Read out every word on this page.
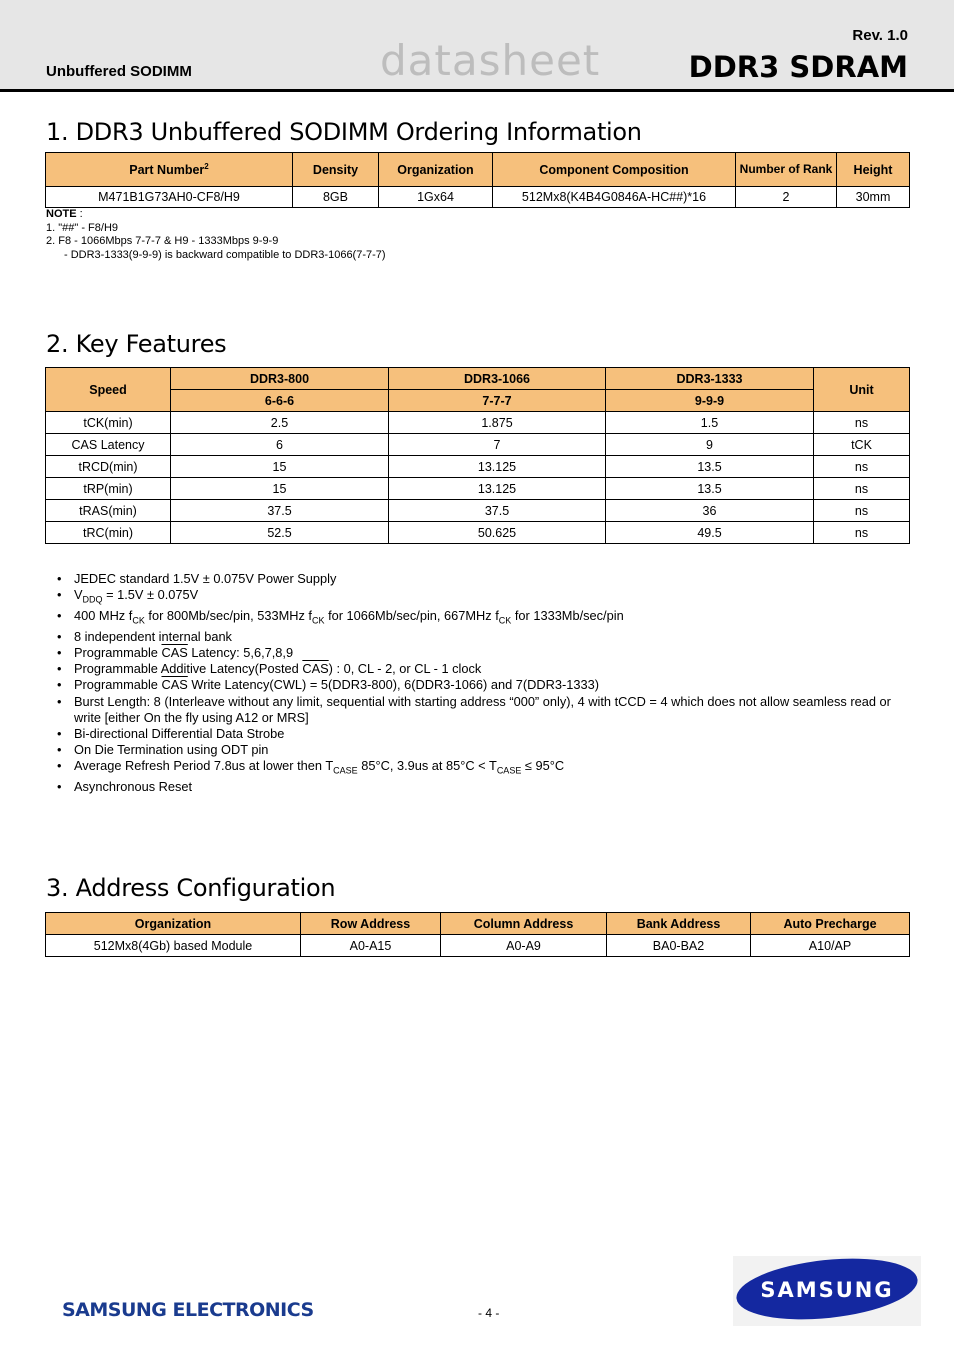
Unbuffered SODIMM	datasheet
Rev. 1.0
DDR3 SDRAM
1. DDR3 Unbuffered SODIMM Ordering Information
Part Number$^2$	Density	Organization	Component Composition	Number of Rank	Height
M471B1G73AH0-CF8/H9	8GB	1Gx64	512Mx8(K4B4G0846A-HC##)*16	2	30mm
NOTE :
1. "##" - F8/H9
2. F8 - 1066Mbps 7-7-7 & H9 - 1333Mbps 9-9-9
- DDR3-1333(9-9-9) is backward compatible to DDR3-1066(7-7-7)
2. Key Features
Speed	DDR3-800	DDR3-1066	DDR3-1333	Unit
	6-6-6	7-7-7	9-9-9	
tCK(min)	2.5	1.875	1.5	ns
CAS Latency	6	7	9	tCK
tRCD(min)	15	13.125	13.5	ns
tRP(min)	15	13.125	13.5	ns
tRAS(min)	37.5	37.5	36	ns
tRC(min)	52.5	50.625	49.5	ns
• JEDEC standard 1.5V ± 0.075V Power Supply
• $V_{DDQ} = 1.5V \pm 0.075V$
• 400 MHz $f_{CK}$ for 800Mb/sec/pin, 533MHz $f_{CK}$ for 1066Mb/sec/pin, 667MHz $f_{CK}$ for 1333Mb/sec/pin
• 8 independent internal bank
• Programmable $\overline{CAS}$ Latency: 5,6,7,8,9
• Programmable Additive Latency(Posted $\overline{CAS}$) : 0, CL - 2, or CL - 1 clock
• Programmable $\overline{CAS}$ Write Latency(CWL) = 5(DDR3-800), 6(DDR3-1066) and 7(DDR3-1333)
• Burst Length: 8 (Interleave without any limit, sequential with starting address “000” only), 4 with tCCD = 4 which does not allow seamless read or write [either On the fly using A12 or MRS]
• Bi-directional Differential Data Strobe
• On Die Termination using ODT pin
• Average Refresh Period 7.8us at lower then $T_{CASE}$ 85°C, 3.9us at $85^\circ C < T_{CASE} \le 95^\circ C$
• Asynchronous Reset
3. Address Configuration
Organization	Row Address	Column Address	Bank Address	Auto Precharge
512Mx8(4Gb) based Module	A0-A15	A0-A9	BA0-BA2	A10/AP
SAMSUNG ELECTRONICS	- 4 -
SAMSUNG
